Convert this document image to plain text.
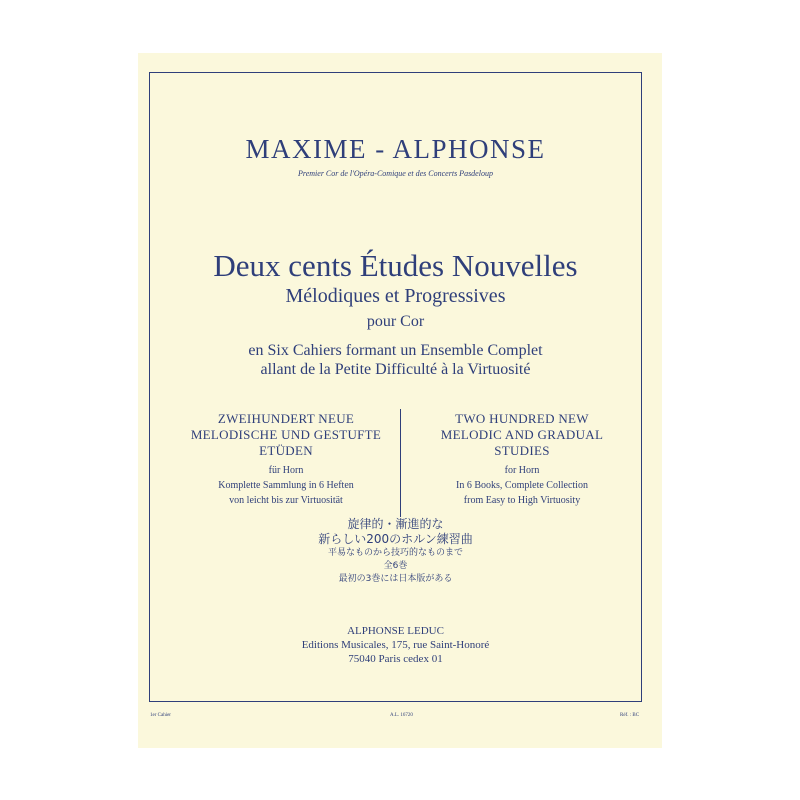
MAXIME - ALPHONSE
Premier Cor de l'Opéra-Comique et des Concerts Pasdeloup
Deux cents Études Nouvelles
Mélodiques et Progressives
pour Cor
en Six Cahiers formant un Ensemble Complet
allant de la Petite Difficulté à la Virtuosité
ZWEIHUNDERT NEUE
MELODISCHE UND GESTUFTE
ETÜDEN
für Horn
Komplette Sammlung in 6 Heften
von leicht bis zur Virtuosität
TWO HUNDRED NEW
MELODIC AND GRADUAL
STUDIES
for Horn
In 6 Books, Complete Collection
from Easy to High Virtuosity
旋律的・漸進的な
新らしい200のホルン練習曲
平易なものから技巧的なものまで
全6巻
最初の3巻には日本版がある
ALPHONSE LEDUC
Editions Musicales, 175, rue Saint-Honoré
75040 Paris cedex 01
1er Cahier	A.L. 16720	Réf. : BC
